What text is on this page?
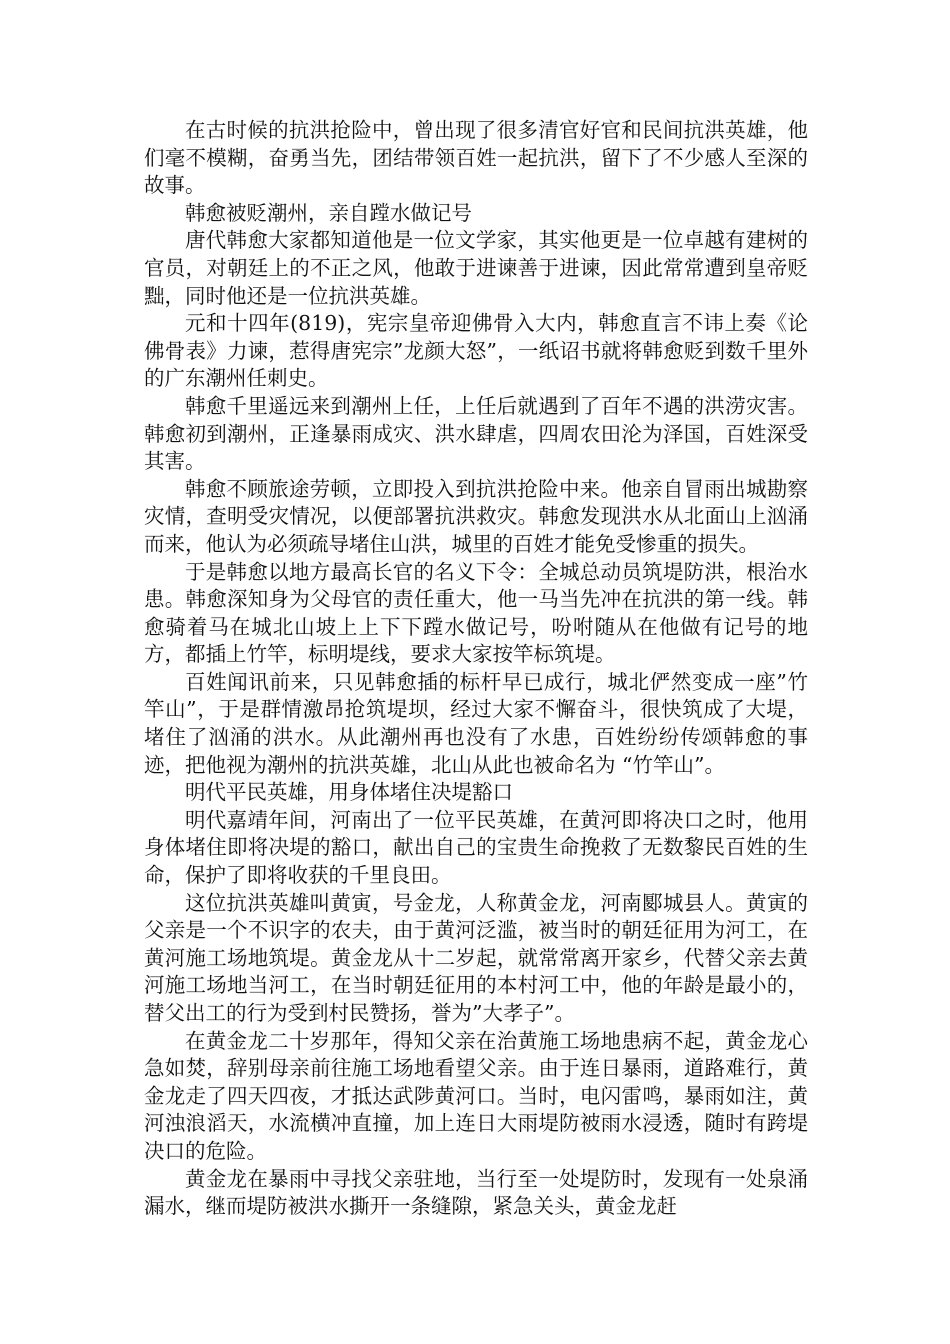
在古时候的抗洪抢险中，曾出现了很多清官好官和民间抗洪英雄，他们毫不模糊，奋勇当先，团结带领百姓一起抗洪，留下了不少感人至深的故事。

韩愈被贬潮州，亲自蹚水做记号

唐代韩愈大家都知道他是一位文学家，其实他更是一位卓越有建树的官员，对朝廷上的不正之风，他敢于进谏善于进谏，因此常常遭到皇帝贬黜，同时他还是一位抗洪英雄。

元和十四年(819)，宪宗皇帝迎佛骨入大内，韩愈直言不讳上奏《论佛骨表》力谏，惹得唐宪宗”龙颜大怒”，一纸诏书就将韩愈贬到数千里外的广东潮州任刺史。

韩愈千里遥远来到潮州上任，上任后就遇到了百年不遇的洪涝灾害。韩愈初到潮州，正逢暴雨成灾、洪水肆虐，四周农田沦为泽国，百姓深受其害。

韩愈不顾旅途劳顿，立即投入到抗洪抢险中来。他亲自冒雨出城勘察灾情，查明受灾情况，以便部署抗洪救灾。韩愈发现洪水从北面山上汹涌而来，他认为必须疏导堵住山洪，城里的百姓才能免受惨重的损失。

于是韩愈以地方最高长官的名义下令：全城总动员筑堤防洪，根治水患。韩愈深知身为父母官的责任重大，他一马当先冲在抗洪的第一线。韩愈骑着马在城北山坡上上下下蹚水做记号，吩咐随从在他做有记号的地方，都插上竹竿，标明堤线，要求大家按竿标筑堤。

百姓闻讯前来，只见韩愈插的标杆早已成行，城北俨然变成一座”竹竿山”，于是群情激昂抢筑堤坝，经过大家不懈奋斗，很快筑成了大堤，堵住了汹涌的洪水。从此潮州再也没有了水患，百姓纷纷传颂韩愈的事迹，把他视为潮州的抗洪英雄，北山从此也被命名为 “竹竿山”。

明代平民英雄，用身体堵住决堤豁口

明代嘉靖年间，河南出了一位平民英雄，在黄河即将决口之时，他用身体堵住即将决堤的豁口，献出自己的宝贵生命挽救了无数黎民百姓的生命，保护了即将收获的千里良田。

这位抗洪英雄叫黄寅，号金龙，人称黄金龙，河南郾城县人。黄寅的父亲是一个不识字的农夫，由于黄河泛滥，被当时的朝廷征用为河工，在黄河施工场地筑堤。黄金龙从十二岁起，就常常离开家乡，代替父亲去黄河施工场地当河工，在当时朝廷征用的本村河工中，他的年龄是最小的，替父出工的行为受到村民赞扬，誉为”大孝子”。

在黄金龙二十岁那年，得知父亲在治黄施工场地患病不起，黄金龙心急如焚，辞别母亲前往施工场地看望父亲。由于连日暴雨，道路难行，黄金龙走了四天四夜，才抵达武陟黄河口。当时，电闪雷鸣，暴雨如注，黄河浊浪滔天，水流横冲直撞，加上连日大雨堤防被雨水浸透，随时有跨堤决口的危险。

黄金龙在暴雨中寻找父亲驻地，当行至一处堤防时，发现有一处泉涌漏水，继而堤防被洪水撕开一条缝隙，紧急关头，黄金龙赶
